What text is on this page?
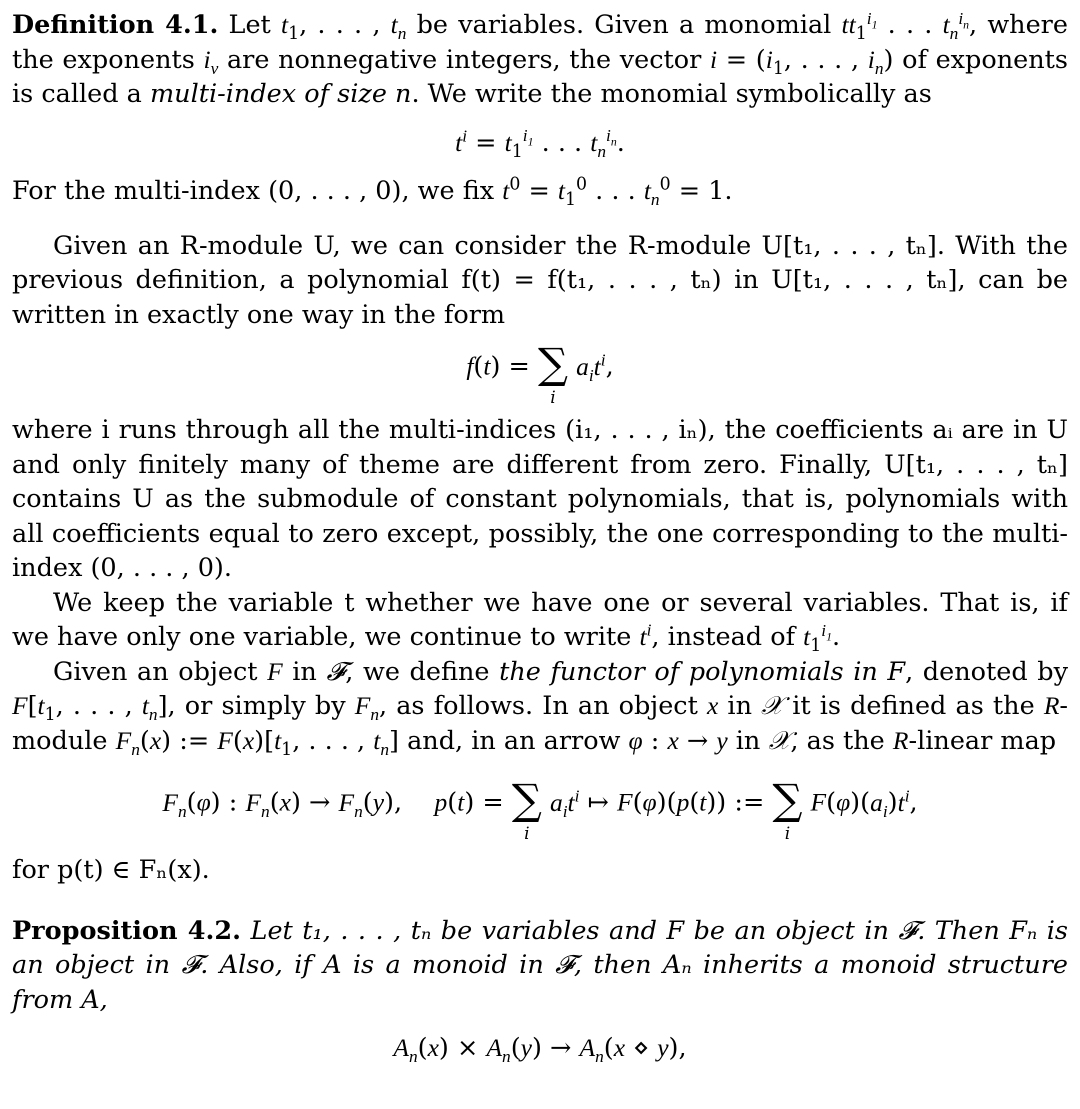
Definition 4.1. Let $t_1$, . . . , $t_n$ be variables. Given a monomial $tt_1^{i_1}$ . . . $t_n^{i_n}$, where the exponents $i_\nu$ are nonnegative integers, the vector $i = (i_1$, . . . , $i_n$) of exponents is called a multi-index of size n. We write the monomial symbolically as

$t^i = t_1^{i_1}$ . . . $t_n^{i_n}$.

For the multi-index (0, . . . , 0), we fix $t^0 = t_1^0$ . . . $t_n^0 = 1$.

Given an R-module U, we can consider the R-module U[t₁, . . . , tₙ]. With the previous definition, a polynomial f(t) = f(t₁, . . . , tₙ) in U[t₁, . . . , tₙ], can be written in exactly one way in the form

f(t) = ∑
i
$a_it^i$,

where i runs through all the multi-indices (i₁, . . . , iₙ), the coefficients aᵢ are in U and only finitely many of theme are different from zero. Finally, U[t₁, . . . , tₙ] contains U as the submodule of constant polynomials, that is, polynomials with all coefficients equal to zero except, possibly, the one corresponding to the multi-index (0, . . . , 0).

We keep the variable t whether we have one or several variables. That is, if we have only one variable, we continue to write $t^i$, instead of $t_1^{i_1}$.

Given an object F in 𝓕, we define the functor of polynomials in F, denoted by $F[t_1$, . . . , $t_n$], or simply by $F_n$, as follows. In an object x in 𝒳 it is defined as the R-module $F_n(x)$ := $F(x)[t_1$, . . . , $t_n$] and, in an arrow φ : x → y in 𝒳, as the R-linear map

$F_n(\varphi)$ : $F_n(x) \to F_n(y)$,    p(t) = ∑
i
$a_it^i$ ↦ F(φ)(p(t)) := ∑
i
$F(\varphi)(a_i)t^i$,

for p(t) ∈ Fₙ(x).

Proposition 4.2. Let t₁, . . . , tₙ be variables and F be an object in 𝓕. Then Fₙ is an object in 𝓕. Also, if A is a monoid in 𝓕, then Aₙ inherits a monoid structure from A,

$A_n(x) \times A_n(y) \to A_n(x$ ⋄ y),
